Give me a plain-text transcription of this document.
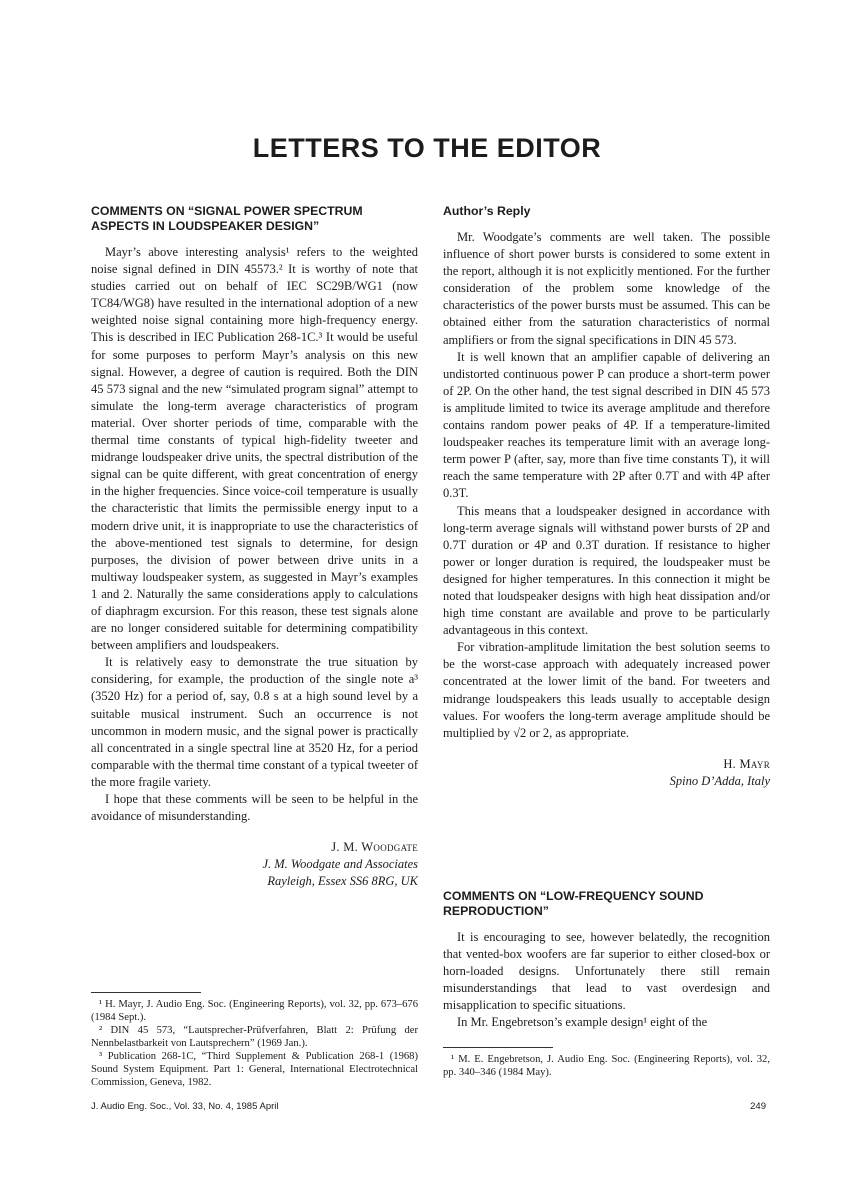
LETTERS TO THE EDITOR
COMMENTS ON “SIGNAL POWER SPECTRUM ASPECTS IN LOUDSPEAKER DESIGN”

Mayr’s above interesting analysis¹ refers to the weighted noise signal defined in DIN 45573.² It is worthy of note that studies carried out on behalf of IEC SC29B/WG1 (now TC84/WG8) have resulted in the international adoption of a new weighted noise signal containing more high-frequency energy. This is described in IEC Publication 268-1C.³ It would be useful for some purposes to perform Mayr’s analysis on this new signal. However, a degree of caution is required. Both the DIN 45 573 signal and the new “simulated program signal” attempt to simulate the long-term average characteristics of program material. Over shorter periods of time, comparable with the thermal time constants of typical high-fidelity tweeter and midrange loudspeaker drive units, the spectral distribution of the signal can be quite different, with great concentration of energy in the higher frequencies. Since voice-coil temperature is usually the characteristic that limits the permissible energy input to a modern drive unit, it is inappropriate to use the characteristics of the above-mentioned test signals to determine, for design purposes, the division of power between drive units in a multiway loudspeaker system, as suggested in Mayr’s examples 1 and 2. Naturally the same considerations apply to calculations of diaphragm excursion. For this reason, these test signals alone are no longer considered suitable for determining compatibility between amplifiers and loudspeakers.

It is relatively easy to demonstrate the true situation by considering, for example, the production of the single note a³ (3520 Hz) for a period of, say, 0.8 s at a high sound level by a suitable musical instrument. Such an occurrence is not uncommon in modern music, and the signal power is practically all concentrated in a single spectral line at 3520 Hz, for a period comparable with the thermal time constant of a typical tweeter of the more fragile variety.

I hope that these comments will be seen to be helpful in the avoidance of misunderstanding.

J. M. Woodgate
J. M. Woodgate and Associates
Rayleigh, Essex SS6 8RG, UK

¹ H. Mayr, J. Audio Eng. Soc. (Engineering Reports), vol. 32, pp. 673–676 (1984 Sept.).

² DIN 45 573, “Lautsprecher-Prüfverfahren, Blatt 2: Prüfung der Nennbelastbarkeit von Lautsprechern” (1969 Jan.).

³ Publication 268-1C, “Third Supplement & Publication 268-1 (1968) Sound System Equipment. Part 1: General, International Electrotechnical Commission, Geneva, 1982.

Author’s Reply

Mr. Woodgate’s comments are well taken. The possible influence of short power bursts is considered to some extent in the report, although it is not explicitly mentioned. For the further consideration of the problem some knowledge of the characteristics of the power bursts must be assumed. This can be obtained either from the saturation characteristics of normal amplifiers or from the signal specifications in DIN 45 573.

It is well known that an amplifier capable of delivering an undistorted continuous power P can produce a short-term power of 2P. On the other hand, the test signal described in DIN 45 573 is amplitude limited to twice its average amplitude and therefore contains random power peaks of 4P. If a temperature-limited loudspeaker reaches its temperature limit with an average long-term power P (after, say, more than five time constants T), it will reach the same temperature with 2P after 0.7T and with 4P after 0.3T.

This means that a loudspeaker designed in accordance with long-term average signals will withstand power bursts of 2P and 0.7T duration or 4P and 0.3T duration. If resistance to higher power or longer duration is required, the loudspeaker must be designed for higher temperatures. In this connection it might be noted that loudspeaker designs with high heat dissipation and/or high time constant are available and prove to be particularly advantageous in this context.

For vibration-amplitude limitation the best solution seems to be the worst-case approach with adequately increased power concentrated at the lower limit of the band. For tweeters and midrange loudspeakers this leads usually to acceptable design values. For woofers the long-term average amplitude should be multiplied by √2 or 2, as appropriate.

H. Mayr
Spino D’Adda, Italy
COMMENTS ON “LOW-FREQUENCY SOUND REPRODUCTION”

It is encouraging to see, however belatedly, the recognition that vented-box woofers are far superior to either closed-box or horn-loaded designs. Unfortunately there still remain misunderstandings that lead to vast overdesign and misapplication to specific situations.

In Mr. Engebretson’s example design¹ eight of the

¹ M. E. Engebretson, J. Audio Eng. Soc. (Engineering Reports), vol. 32, pp. 340–346 (1984 May).

J. Audio Eng. Soc., Vol. 33, No. 4, 1985 April	249
